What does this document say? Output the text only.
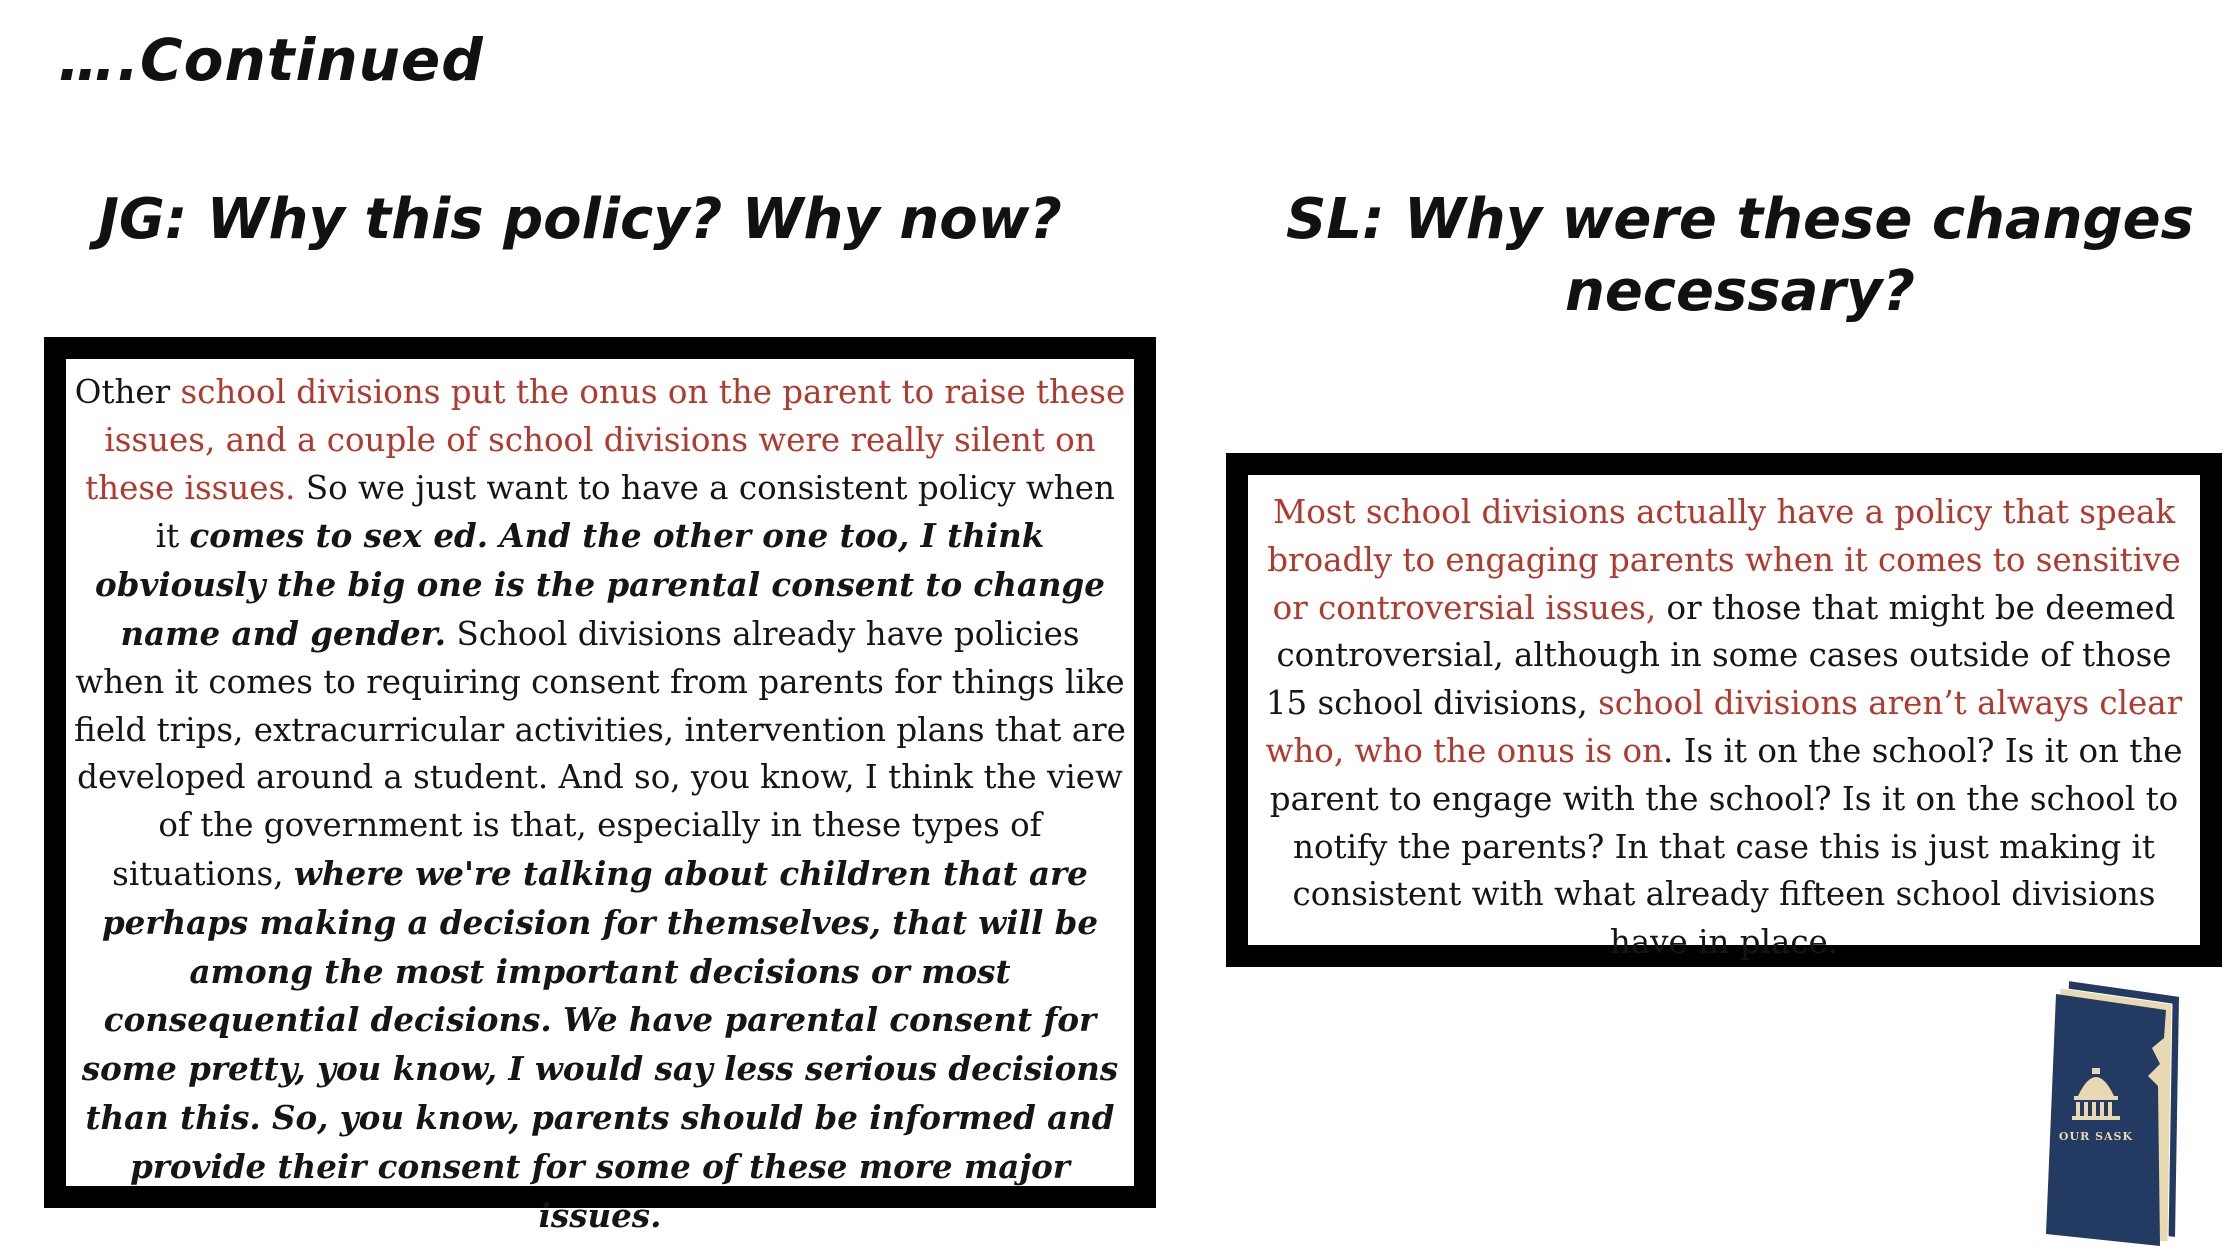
….Continued
JG: Why this policy? Why now?	SL: Why were these changes necessary?
Other school divisions put the onus on the parent to raise these issues, and a couple of school divisions were really silent on these issues. So we just want to have a consistent policy when it comes to sex ed. And the other one too, I think obviously the big one is the parental consent to change name and gender. School divisions already have policies when it comes to requiring consent from parents for things like field trips, extracurricular activities, intervention plans that are developed around a student. And so, you know, I think the view of the government is that, especially in these types of situations, where we're talking about children that are perhaps making a decision for themselves, that will be among the most important decisions or most consequential decisions. We have parental consent for some pretty, you know, I would say less serious decisions than this. So, you know, parents should be informed and provide their consent for some of these more major issues.
Most school divisions actually have a policy that speak broadly to engaging parents when it comes to sensitive or controversial issues, or those that might be deemed controversial, although in some cases outside of those 15 school divisions, school divisions aren’t always clear who, who the onus is on. Is it on the school? Is it on the parent to engage with the school? Is it on the school to notify the parents? In that case this is just making it consistent with what already fifteen school divisions have in place.
OUR SASK
